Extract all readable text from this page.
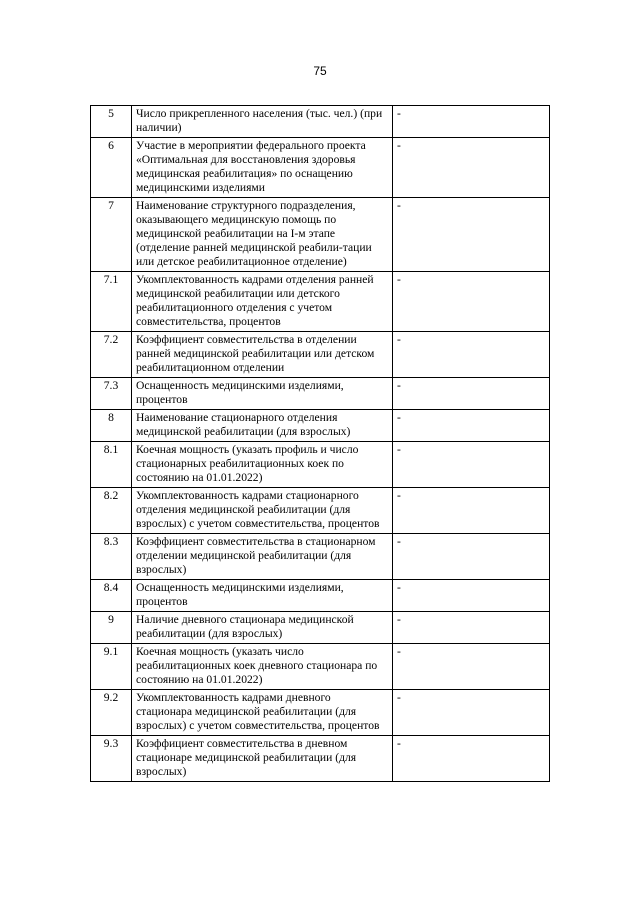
75
5	Число прикрепленного населения (тыс. чел.) (при наличии)	-
6	Участие в мероприятии федерального проекта «Оптимальная для восстановления здоровья медицинская реабилитация» по оснащению медицинскими изделиями	-
7	Наименование структурного подразделения, оказывающего медицинскую помощь по медицинской реабилитации на I-м этапе (отделение ранней медицинской реабили-тации или детское реабилитационное отделение)	-
7.1	Укомплектованность кадрами отделения ранней медицинской реабилитации или детского реабилитационного отделения с учетом совместительства, процентов	-
7.2	Коэффициент совместительства в отделении ранней медицинской реабилитации или детском реабилитационном отделении	-
7.3	Оснащенность медицинскими изделиями, процентов	-
8	Наименование стационарного отделения медицинской реабилитации (для взрослых)	-
8.1	Коечная мощность (указать профиль и число стационарных реабилитационных коек по состоянию на 01.01.2022)	-
8.2	Укомплектованность кадрами стационарного отделения медицинской реабилитации (для взрослых) с учетом совместительства, процентов	-
8.3	Коэффициент совместительства в стационарном отделении медицинской реабилитации (для взрослых)	-
8.4	Оснащенность медицинскими изделиями, процентов	-
9	Наличие дневного стационара медицинской реабилитации (для взрослых)	-
9.1	Коечная мощность (указать число реабилитационных коек дневного стационара по состоянию на 01.01.2022)	-
9.2	Укомплектованность кадрами дневного стационара медицинской реабилитации (для взрослых) с учетом совместительства, процентов	-
9.3	Коэффициент совместительства в дневном стационаре медицинской реабилитации (для взрослых)	-
